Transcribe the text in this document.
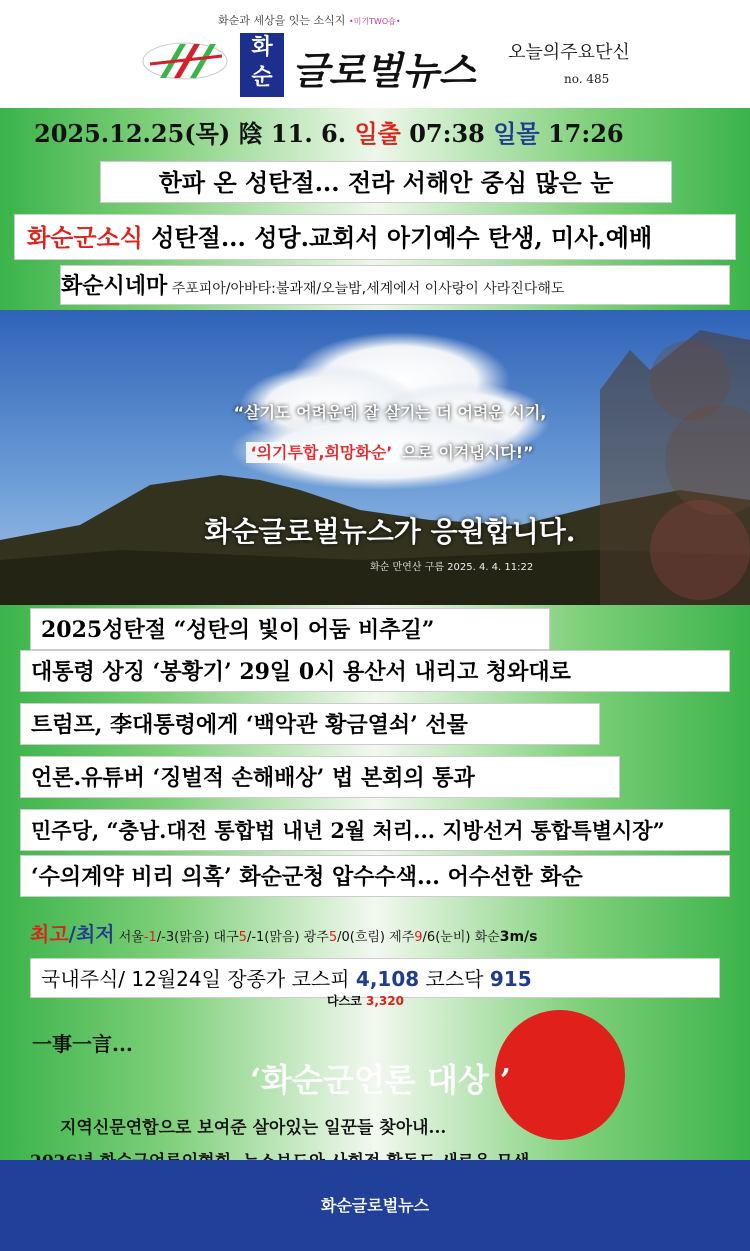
화순과 세상을 잇는 소식지 •미기TWO숍•
화
순 글로벌뉴스 오늘의주요단신
no. 485
2025.12.25(목) 陰 11. 6. 일출 07:38 일몰 17:26
한파 온 성탄절... 전라 서해안 중심 많은 눈
화순군소식 성탄절... 성당.교회서 아기예수 탄생, 미사.예배
화순시네마 주포피아/아바타:불과재/오늘밤,세계에서 이사랑이 사라진다해도
“살기도 어려운데 잘 살기는 더 어려운 시기,
‘의기투합,희망화순’ 으로 이겨냅시다!”
화순글로벌뉴스가 응원합니다.
화순 만연산 구름 2025. 4. 4. 11:22
2025성탄절 “성탄의 빛이 어둠 비추길”
대통령 상징 ‘봉황기’ 29일 0시 용산서 내리고 청와대로
트럼프, 李대통령에게 ‘백악관 황금열쇠’ 선물
언론.유튜버 ‘징벌적 손해배상’ 법 본회의 통과
민주당, “충남.대전 통합법 내년 2월 처리... 지방선거 통합특별시장”
‘수의계약 비리 의혹’ 화순군청 압수수색... 어수선한 화순
최고/최저 서울-1/-3(맑음) 대구5/-1(맑음) 광주5/0(흐림) 제주9/6(눈비) 화순3m/s
국내주식/ 12월24일 장종가 코스피 4,108 코스닥 915
다스코 3,320
一事一言...
‘화순군언론 대상 ’
지역신문연합으로 보여준 살아있는 일꾼들 찾아내...
화순글로벌뉴스
